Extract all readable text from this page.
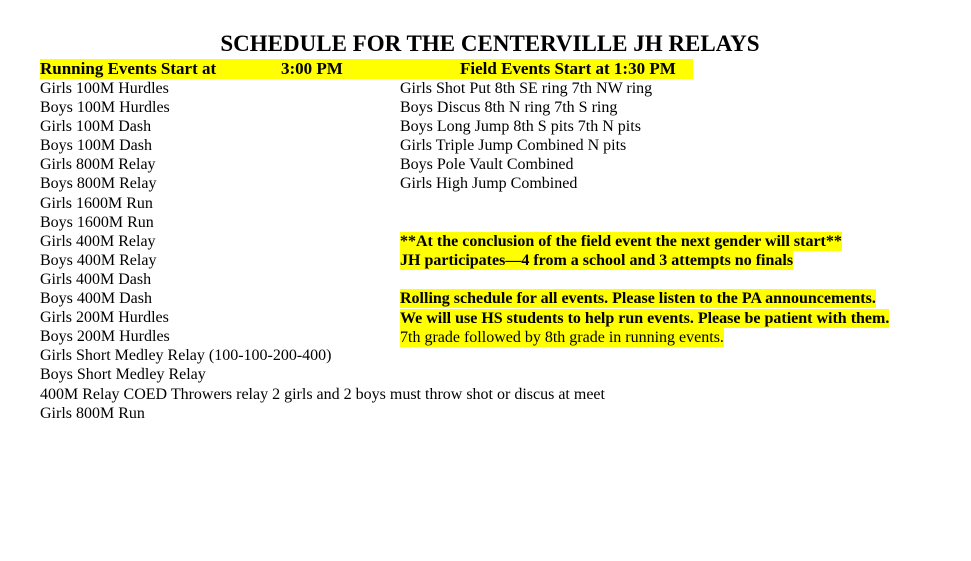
SCHEDULE FOR THE CENTERVILLE JH RELAYS
Running Events Start at	3:00 PM	Field Events Start at 1:30 PM
Girls 100M Hurdles
Boys 100M Hurdles
Girls 100M Dash
Boys 100M Dash
Girls 800M Relay
Boys 800M Relay
Girls 1600M Run
Boys 1600M Run
Girls 400M Relay
Boys 400M Relay
Girls 400M Dash
Boys 400M Dash
Girls 200M Hurdles
Boys 200M Hurdles
Girls Short Medley Relay (100-100-200-400)
Boys Short Medley Relay
400M Relay COED Throwers relay 2 girls and 2 boys must throw shot or discus at meet
Girls 800M Run
Girls Shot Put 8th SE ring 7th NW ring
Boys Discus 8th N ring 7th S ring
Boys Long Jump 8th S pits 7th N pits
Girls Triple Jump Combined N pits
Boys Pole Vault Combined
Girls High Jump Combined
**At the conclusion of the field event the next gender will start**
JH participates—4 from a school and 3 attempts no finals
Rolling schedule for all events. Please listen to the PA announcements.
We will use HS students to help run events. Please be patient with them.
7th grade followed by 8th grade in running events.
